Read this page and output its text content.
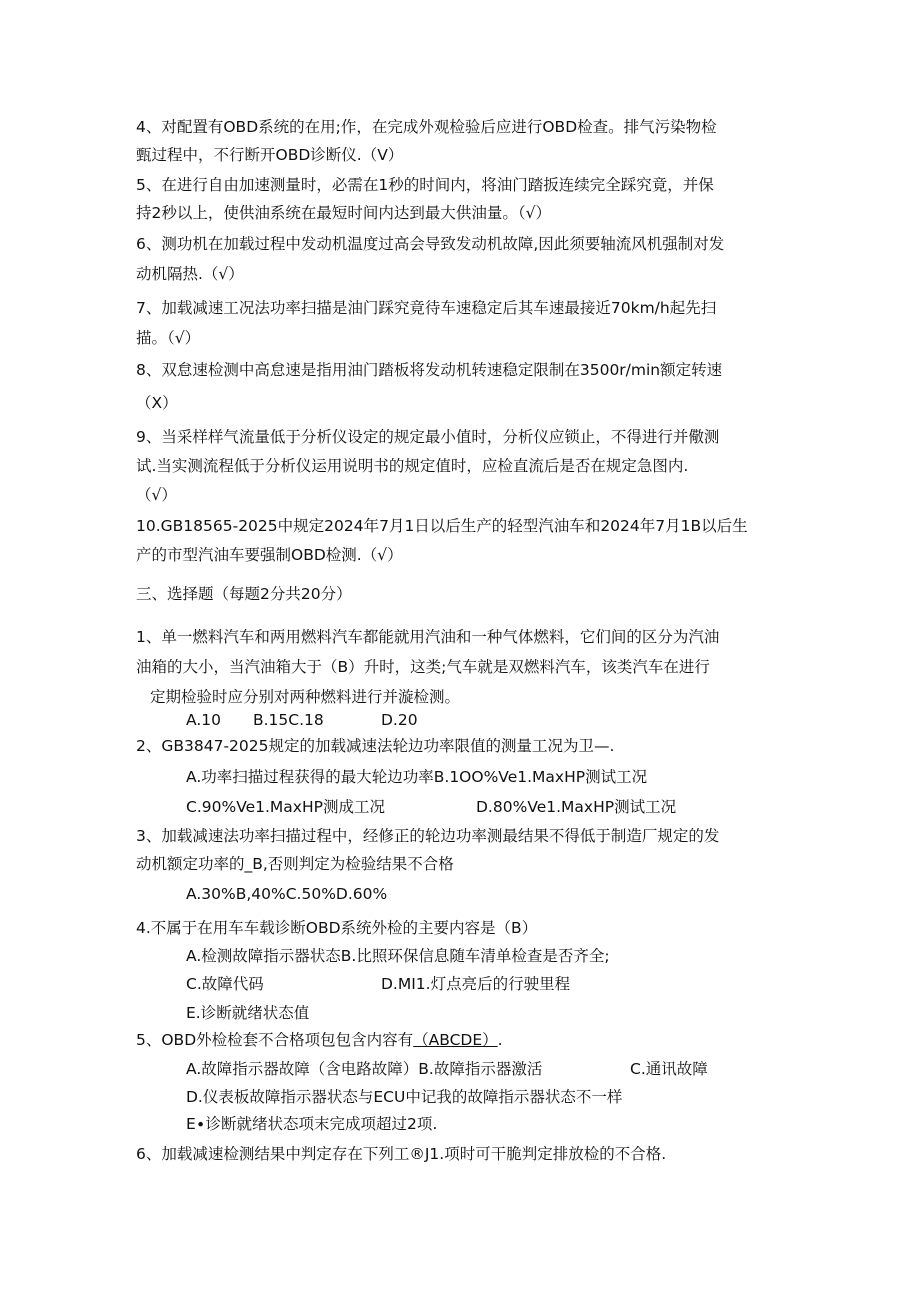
4、对配置有OBD系统的在用;作，在完成外观检验后应进行OBD检查。排气污染物检
甄过程中，不行断开OBD诊断仪.（V）
5、在进行自由加速测量时，必需在1秒的时间内，将油门踏扳连续完全踩究竟，并保
持2秒以上，使供油系统在最短时间内达到最大供油量。（√）
6、测功机在加载过程中发动机温度过高会导致发动机故障,因此须要轴流风机强制对发
动机隔热.（√）
7、加载减速工况法功率扫描是油门踩究竟待车速稳定后其车速最接近70km∕h起先扫
描。（√）
8、双怠速检测中高怠速是指用油门踏板将发动机转速稳定限制在3500r∕min额定转速
（X）
9、当采样样气流量低于分析仪设定的规定最小值时，分析仪应锁止，不得进行并儆测
试.当实测流程低于分析仪运用说明书的规定值时，应检直流后是否在规定急图内.
（√）
10.GB18565-2025中规定2024年7月1日以后生产的轻型汽油车和2024年7月1B以后生
产的市型汽油车要强制OBD检测.（√）
三、选择题（每题2分共20分）
1、单一燃料汽车和两用燃料汽车都能就用汽油和一种气体燃料，它们间的区分为汽油
油箱的大小，当汽油箱大于（B）升时，这类;气车就是双燃料汽车，该类汽车在进行
定期检验时应分别对两种燃料进行并漩检测。
A.10 B.15C.18	D.20
2、GB3847-2025规定的加载减速法轮边功率限值的测量工况为卫—.
A.功率扫描过程获得的最大轮边功率B.1OO%Ve1.MaxHP测试工况
C.90%Ve1.MaxHP测成工况	D.80%Ve1.MaxHP测试工况
3、加载减速法功率扫描过程中，经修正的轮边功率测最结果不得低于制造厂规定的发
动机额定功率的_B,否则判定为检验结果不合格
A.30%B,40%C.50%D.60%
4.不属于在用车车载诊断OBD系统外检的主要内容是（B）
A.检测故障指示器状态B.比照环保信息随车清单检查是否齐全;
C.故障代码	D.MI1.灯点亮后的行驶里程
E.诊断就绪状态值
5、OBD外检检套不合格项包包含内容有（ABCDE）.
A.故障指示器故障（含电路故障）B.故障指示器激活	C.通讯故障
D.仪表板故障指示器状态与ECU中记我的故障指示器状态不一样
E∙诊断就绪状态项末完成项超过2项.
6、加载减速检测结果中判定存在下列工®J1.项时可干脆判定排放检的不合格.
